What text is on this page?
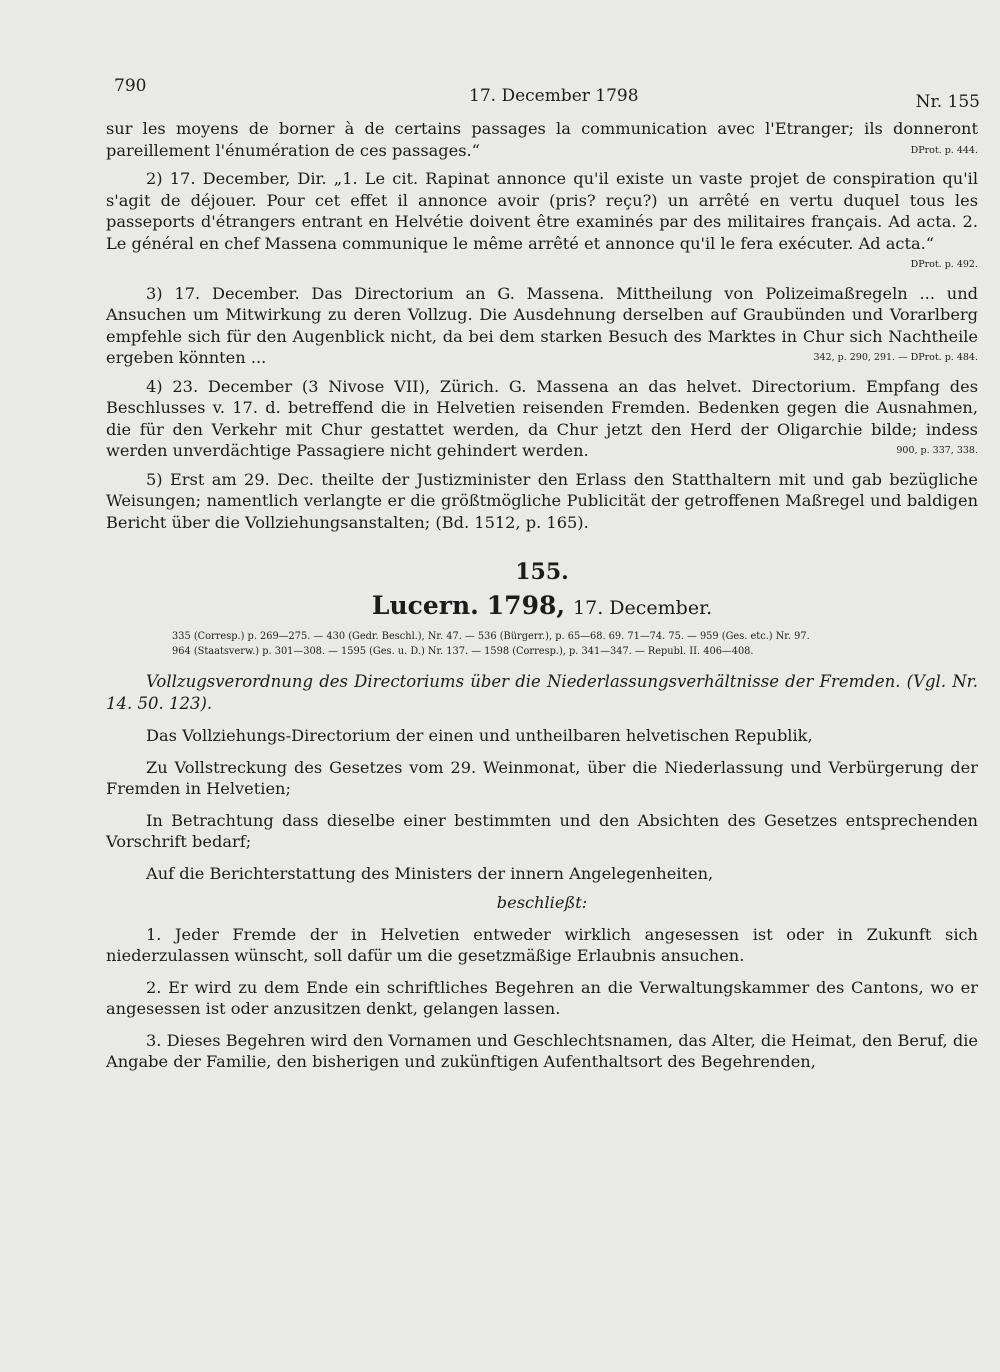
790	17. December 1798	Nr. 155

sur les moyens de borner à de certains passages la communication avec l'Etranger; ils donneront pareillement l'énumération de ces passages.“	DProt. p. 444.

2) 17. December, Dir. „1. Le cit. Rapinat annonce qu'il existe un vaste projet de conspiration qu'il s'agit de déjouer. Pour cet effet il annonce avoir (pris? reçu?) un arrêté en vertu duquel tous les passeports d'étrangers entrant en Helvétie doivent être examinés par des militaires français. Ad acta. 2. Le général en chef Massena communique le même arrêté et annonce qu'il le fera exécuter. Ad acta.“
DProt. p. 492.

3) 17. December. Das Directorium an G. Massena. Mittheilung von Polizeimaßregeln ... und Ansuchen um Mitwirkung zu deren Vollzug. Die Ausdehnung derselben auf Graubünden und Vorarlberg empfehle sich für den Augenblick nicht, da bei dem starken Besuch des Marktes in Chur sich Nachtheile ergeben könnten ...	342, p. 290, 291. — DProt. p. 484.

4) 23. December (3 Nivose VII), Zürich. G. Massena an das helvet. Directorium. Empfang des Beschlusses v. 17. d. betreffend die in Helvetien reisenden Fremden. Bedenken gegen die Ausnahmen, die für den Verkehr mit Chur gestattet werden, da Chur jetzt den Herd der Oligarchie bilde; indess werden unverdächtige Passagiere nicht gehindert werden.	900, p. 337, 338.

5) Erst am 29. Dec. theilte der Justizminister den Erlass den Statthaltern mit und gab bezügliche Weisungen; namentlich verlangte er die größtmögliche Publicität der getroffenen Maßregel und baldigen Bericht über die Vollziehungsanstalten; (Bd. 1512, p. 165).

155.
Lucern. 1798, 17. December.
335 (Corresp.) p. 269—275. — 430 (Gedr. Beschl.), Nr. 47. — 536 (Bürgerr.), p. 65—68. 69. 71—74. 75. — 959 (Ges. etc.) Nr. 97.
964 (Staatsverw.) p. 301—308. — 1595 (Ges. u. D.) Nr. 137. — 1598 (Corresp.), p. 341—347. — Republ. II. 406—408.

Vollzugsverordnung des Directoriums über die Niederlassungsverhältnisse der Fremden. (Vgl. Nr. 14. 50. 123).

Das Vollziehungs-Directorium der einen und untheilbaren helvetischen Republik,

Zu Vollstreckung des Gesetzes vom 29. Weinmonat, über die Niederlassung und Verbürgerung der Fremden in Helvetien;

In Betrachtung dass dieselbe einer bestimmten und den Absichten des Gesetzes entsprechenden Vorschrift bedarf;

Auf die Berichterstattung des Ministers der innern Angelegenheiten,

beschließt:

1. Jeder Fremde der in Helvetien entweder wirklich angesessen ist oder in Zukunft sich niederzulassen wünscht, soll dafür um die gesetzmäßige Erlaubnis ansuchen.

2. Er wird zu dem Ende ein schriftliches Begehren an die Verwaltungskammer des Cantons, wo er angesessen ist oder anzusitzen denkt, gelangen lassen.

3. Dieses Begehren wird den Vornamen und Geschlechtsnamen, das Alter, die Heimat, den Beruf, die Angabe der Familie, den bisherigen und zukünftigen Aufenthaltsort des Begehrenden,
